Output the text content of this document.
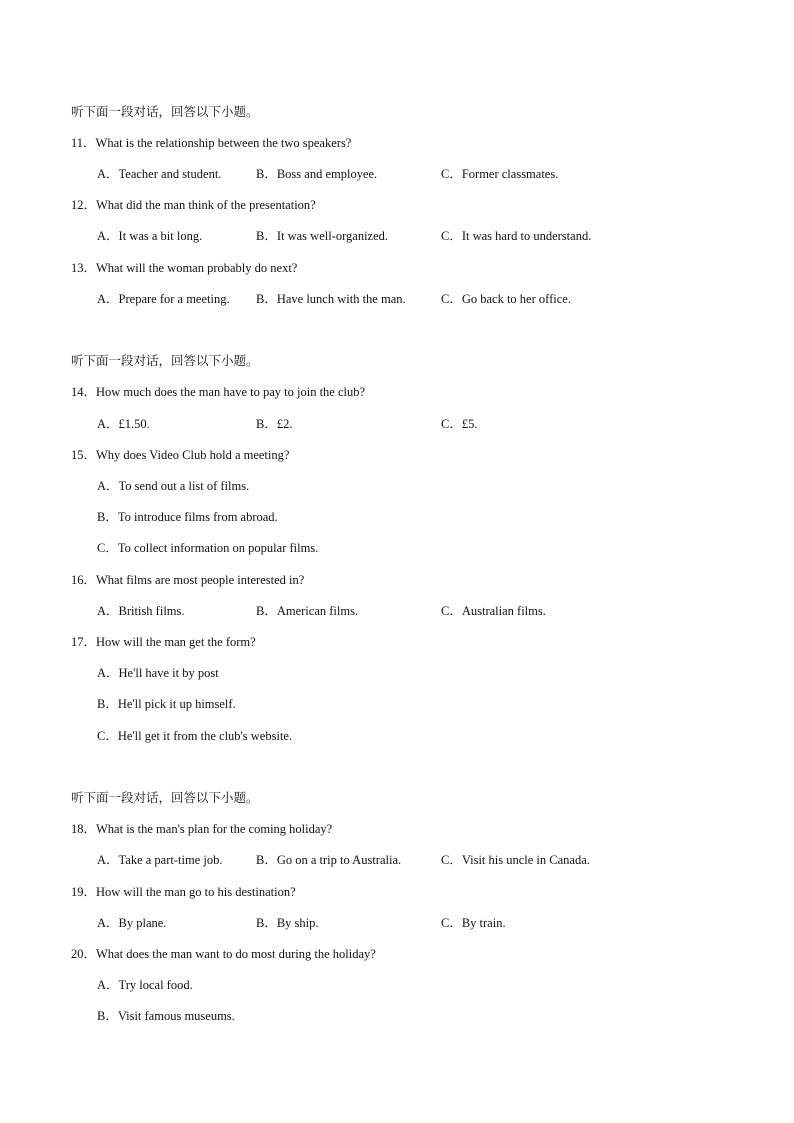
听下面一段对话，回答以下小题。
11．What is the relationship between the two speakers?
A．Teacher and student.	B．Boss and employee.	C．Former classmates.
12．What did the man think of the presentation?
A．It was a bit long.	B．It was well-organized.	C．It was hard to understand.
13．What will the woman probably do next?
A．Prepare for a meeting. B．Have lunch with the man.	C．Go back to her office.
听下面一段对话，回答以下小题。
14．How much does the man have to pay to join the club?
A．£1.50.	B．£2.	C．£5.
15．Why does Video Club hold a meeting?
A．To send out a list of films.
B．To introduce films from abroad.
C．To collect information on popular films.
16．What films are most people interested in?
A．British films.	B．American films.	C．Australian films.
17．How will the man get the form?
A．He'll have it by post
B．He'll pick it up himself.
C．He'll get it from the club's website.
听下面一段对话，回答以下小题。
18．What is the man's plan for the coming holiday?
A．Take a part-time job.	B．Go on a trip to Australia.	C．Visit his uncle in Canada.
19．How will the man go to his destination?
A．By plane.	B．By ship.	C．By train.
20．What does the man want to do most during the holiday?
A．Try local food.
B．Visit famous museums.
